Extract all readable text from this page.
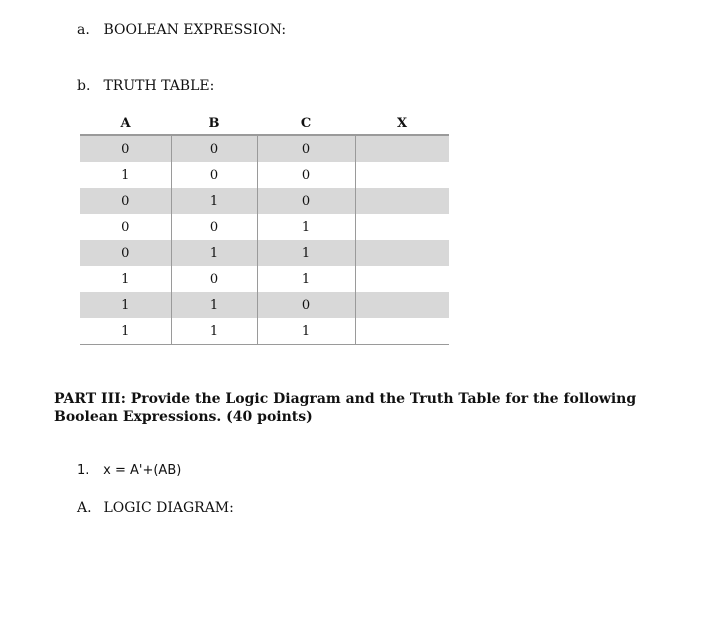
a. BOOLEAN EXPRESSION:
b. TRUTH TABLE:
A	B	C	X
0	0	0	
1	0	0	
0	1	0	
0	0	1	
0	1	1	
1	0	1	
1	1	0	
1	1	1	
PART III: Provide the Logic Diagram and the Truth Table for the following Boolean Expressions. (40 points)
1. x = A'+(AB)
A. LOGIC DIAGRAM:
